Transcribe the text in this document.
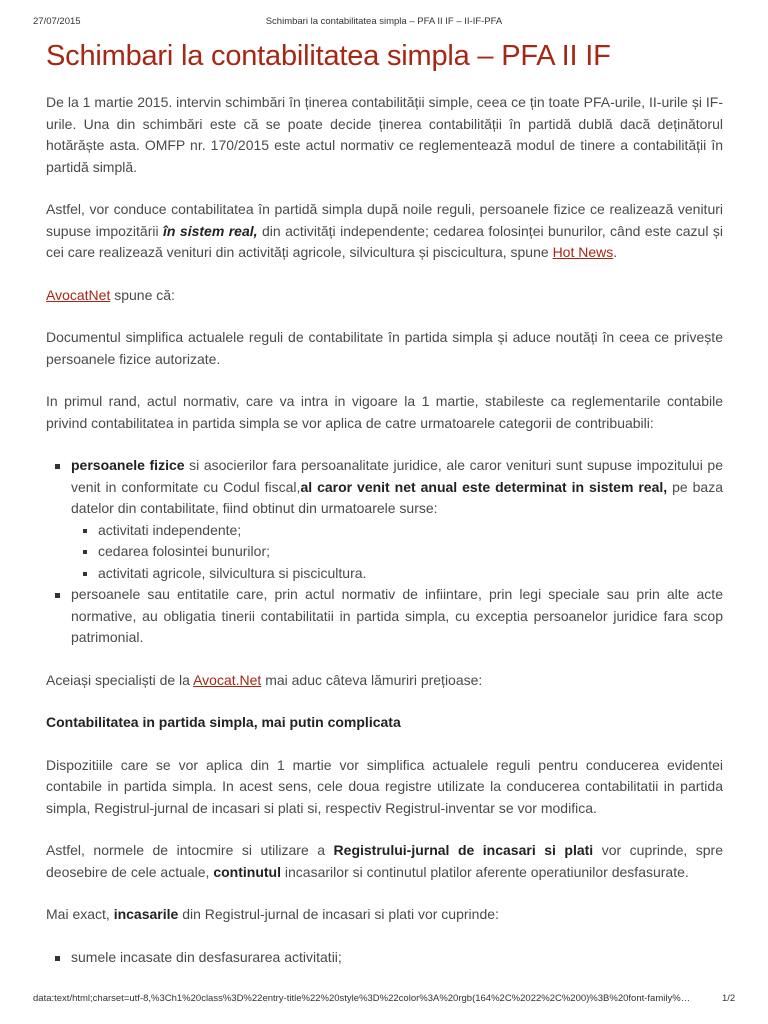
27/07/2015	Schimbari la contabilitatea simpla – PFA II IF – II-IF-PFA
Schimbari la contabilitatea simpla – PFA II IF

De la 1 martie 2015. intervin schimbări în ținerea contabilității simple, ceea ce țin toate PFA-urile, II-urile și IF-urile. Una din schimbări este că se poate decide ținerea contabilității în partidă dublă dacă deținătorul hotărăște asta. OMFP nr. 170/2015 este actul normativ ce reglementează modul de tinere a contabilității în partidă simplă.

Astfel, vor conduce contabilitatea în partidă simpla după noile reguli, persoanele fizice ce realizează venituri supuse impozitării în sistem real, din activități independente; cedarea folosinței bunurilor, când este cazul și cei care realizează venituri din activități agricole, silvicultura și piscicultura, spune Hot News.

AvocatNet spune că:

Documentul simplifica actualele reguli de contabilitate în partida simpla și aduce noutăți în ceea ce privește persoanele fizice autorizate.

In primul rand, actul normativ, care va intra in vigoare la 1 martie, stabileste ca reglementarile contabile privind contabilitatea in partida simpla se vor aplica de catre urmatoarele categorii de contribuabili:

persoanele fizice si asocierilor fara persoanalitate juridice, ale caror venituri sunt supuse impozitului pe venit in conformitate cu Codul fiscal,al caror venit net anual este determinat in sistem real, pe baza datelor din contabilitate, fiind obtinut din urmatoarele surse:
activitati independente;
cedarea folosintei bunurilor;
activitati agricole, silvicultura si piscicultura.
persoanele sau entitatile care, prin actul normativ de infiintare, prin legi speciale sau prin alte acte normative, au obligatia tinerii contabilitatii in partida simpla, cu exceptia persoanelor juridice fara scop patrimonial.

Aceiași specialiști de la Avocat.Net mai aduc câteva lămuriri prețioase:

Contabilitatea in partida simpla, mai putin complicata

Dispozitiile care se vor aplica din 1 martie vor simplifica actualele reguli pentru conducerea evidentei contabile in partida simpla. In acest sens, cele doua registre utilizate la conducerea contabilitatii in partida simpla, Registrul-jurnal de incasari si plati si, respectiv Registrul-inventar se vor modifica.

Astfel, normele de intocmire si utilizare a Registrului-jurnal de incasari si plati vor cuprinde, spre deosebire de cele actuale, continutul incasarilor si continutul platilor aferente operatiunilor desfasurate.

Mai exact, incasarile din Registrul-jurnal de incasari si plati vor cuprinde:

sumele incasate din desfasurarea activitatii;
data:text/html;charset=utf-8,%3Ch1%20class%3D%22entry-title%22%20style%3D%22color%3A%20rgb(164%2C%2022%2C%200)%3B%20font-family%…	1/2
